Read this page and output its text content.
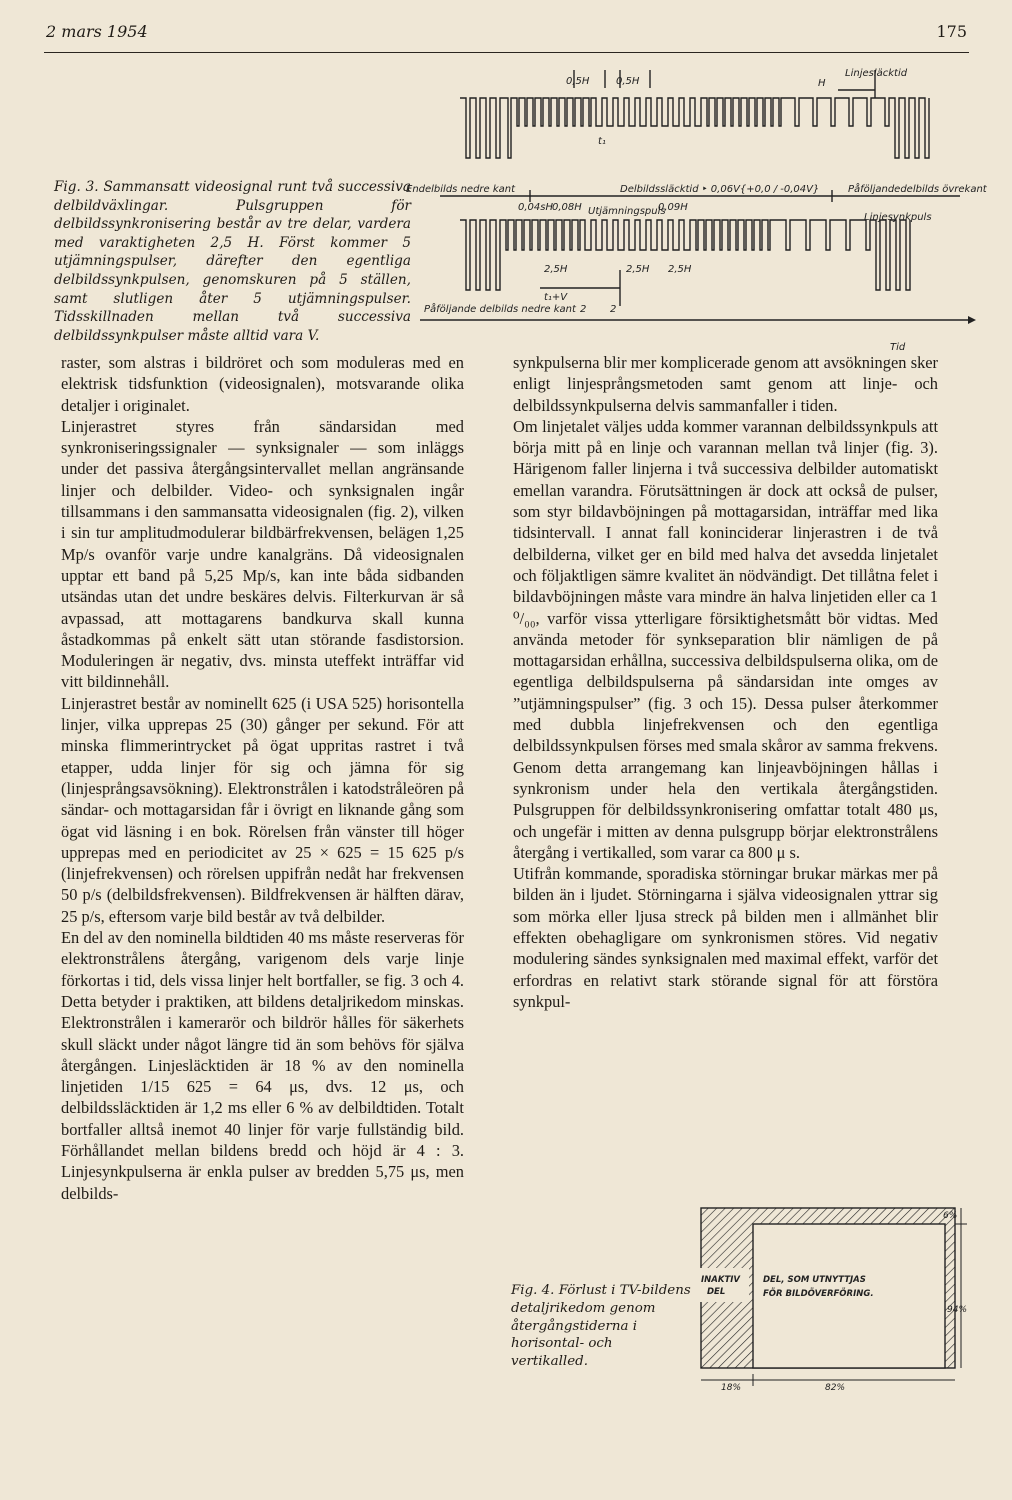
2 mars 1954	175
Fig. 3. Sammansatt videosignal runt två successiva delbildväxlingar. Pulsgruppen för delbildssynkronisering består av tre delar, vardera med varaktigheten 2,5 H. Först kommer 5 utjämningspulser, därefter den egentliga delbildssynkpulsen, genomskuren på 5 ställen, samt slutligen åter 5 utjämningspulser. Tidsskillnaden mellan två successiva delbildssynkpulser måste alltid vara V.
0,5H	0,5H	H
Linjesläcktid
t₁
Endelbilds nedre kant	Delbildssläcktid ‣ 0,06V{+0,0 / -0,04V}	Påföljandedelbilds övrekant
0,04sH 0,08H Utjämningspuls
0,09H
Linjesynkpuls
2,5H	2,5H 2,5H
t₁+V
Påföljande delbilds nedre kant 2 2
Tid

raster, som alstras i bildröret och som moduleras med en elektrisk tidsfunktion (videosignalen), motsvarande olika detaljer i originalet.

Linjerastret styres från sändarsidan med synkroniseringssignaler — synksignaler — som inläggs under det passiva återgångsintervallet mellan angränsande linjer och delbilder. Video- och synksignalen ingår tillsammans i den sammansatta videosignalen (fig. 2), vilken i sin tur amplitudmodulerar bildbärfrekvensen, belägen 1,25 Mp/s ovanför varje undre kanalgräns. Då videosignalen upptar ett band på 5,25 Mp/s, kan inte båda sidbanden utsändas utan det undre beskäres delvis. Filterkurvan är så avpassad, att mottagarens bandkurva skall kunna åstadkommas på enkelt sätt utan störande fasdistorsion. Moduleringen är negativ, dvs. minsta uteffekt inträffar vid vitt bildinnehåll.

Linjerastret består av nominellt 625 (i USA 525) horisontella linjer, vilka upprepas 25 (30) gånger per sekund. För att minska flimmerintrycket på ögat uppritas rastret i två etapper, udda linjer för sig och jämna för sig (linjesprångsavsökning). Elektronstrålen i katodstråleören på sändar- och mottagarsidan får i övrigt en liknande gång som ögat vid läsning i en bok. Rörelsen från vänster till höger upprepas med en periodicitet av 25 × 625 = 15 625 p/s (linjefrekvensen) och rörelsen uppifrån nedåt har frekvensen 50 p/s (delbildsfrekvensen). Bildfrekvensen är hälften därav, 25 p/s, eftersom varje bild består av två delbilder.

En del av den nominella bildtiden 40 ms måste reserveras för elektronstrålens återgång, varigenom dels varje linje förkortas i tid, dels vissa linjer helt bortfaller, se fig. 3 och 4. Detta betyder i praktiken, att bildens detaljrikedom minskas. Elektronstrålen i kamerarör och bildrör hålles för säkerhets skull släckt under något längre tid än som behövs för själva återgången. Linjesläcktiden är 18 % av den nominella linjetiden 1/15 625 = 64 μs, dvs. 12 μs, och delbildssläcktiden är 1,2 ms eller 6 % av delbildtiden. Totalt bortfaller alltså inemot 40 linjer för varje fullständig bild. Förhållandet mellan bildens bredd och höjd är 4 : 3. Linjesynkpulserna är enkla pulser av bredden 5,75 μs, men delbilds-

synkpulserna blir mer komplicerade genom att avsökningen sker enligt linjesprångsmetoden samt genom att linje- och delbildssynkpulserna delvis sammanfaller i tiden.

Om linjetalet väljes udda kommer varannan delbildssynkpuls att börja mitt på en linje och varannan mellan två linjer (fig. 3). Härigenom faller linjerna i två successiva delbilder automatiskt emellan varandra. Förutsättningen är dock att också de pulser, som styr bildavböjningen på mottagarsidan, inträffar med lika tidsintervall. I annat fall koninciderar linjerastren i de två delbilderna, vilket ger en bild med halva det avsedda linjetalet och följaktligen sämre kvalitet än nödvändigt. Det tillåtna felet i bildavböjningen måste vara mindre än halva linjetiden eller ca 1 ⁰/₀₀, varför vissa ytterligare försiktighetsmått bör vidtas. Med använda metoder för synkseparation blir nämligen de på mottagarsidan erhållna, successiva delbildspulserna olika, om de egentliga delbildspulserna på sändarsidan inte omges av ”utjämningspulser” (fig. 3 och 15). Dessa pulser återkommer med dubbla linjefrekvensen och den egentliga delbildssynkpulsen förses med smala skåror av samma frekvens. Genom detta arrangemang kan linjeavböjningen hållas i synkronism under hela den vertikala återgångstiden. Pulsgruppen för delbildssynkronisering omfattar totalt 480 μs, och ungefär i mitten av denna pulsgrupp börjar elektronstrålens återgång i vertikalled, som varar ca 800 μ s.

Utifrån kommande, sporadiska störningar brukar märkas mer på bilden än i ljudet. Störningarna i själva videosignalen yttrar sig som mörka eller ljusa streck på bilden men i allmänhet blir effekten obehagligare om synkronismen störes. Vid negativ modulering sändes synksignalen med maximal effekt, varför det erfordras en relativt stark störande signal för att förstöra synkpul-

Fig. 4. Förlust i TV-bildens detaljrikedom genom återgångstiderna i horisontal- och vertikalled.
INAKTIV
DEL
DEL, SOM UTNYTTJAS
FÖR BILDÖVERFÖRING.
6%
94%
18%	82%
